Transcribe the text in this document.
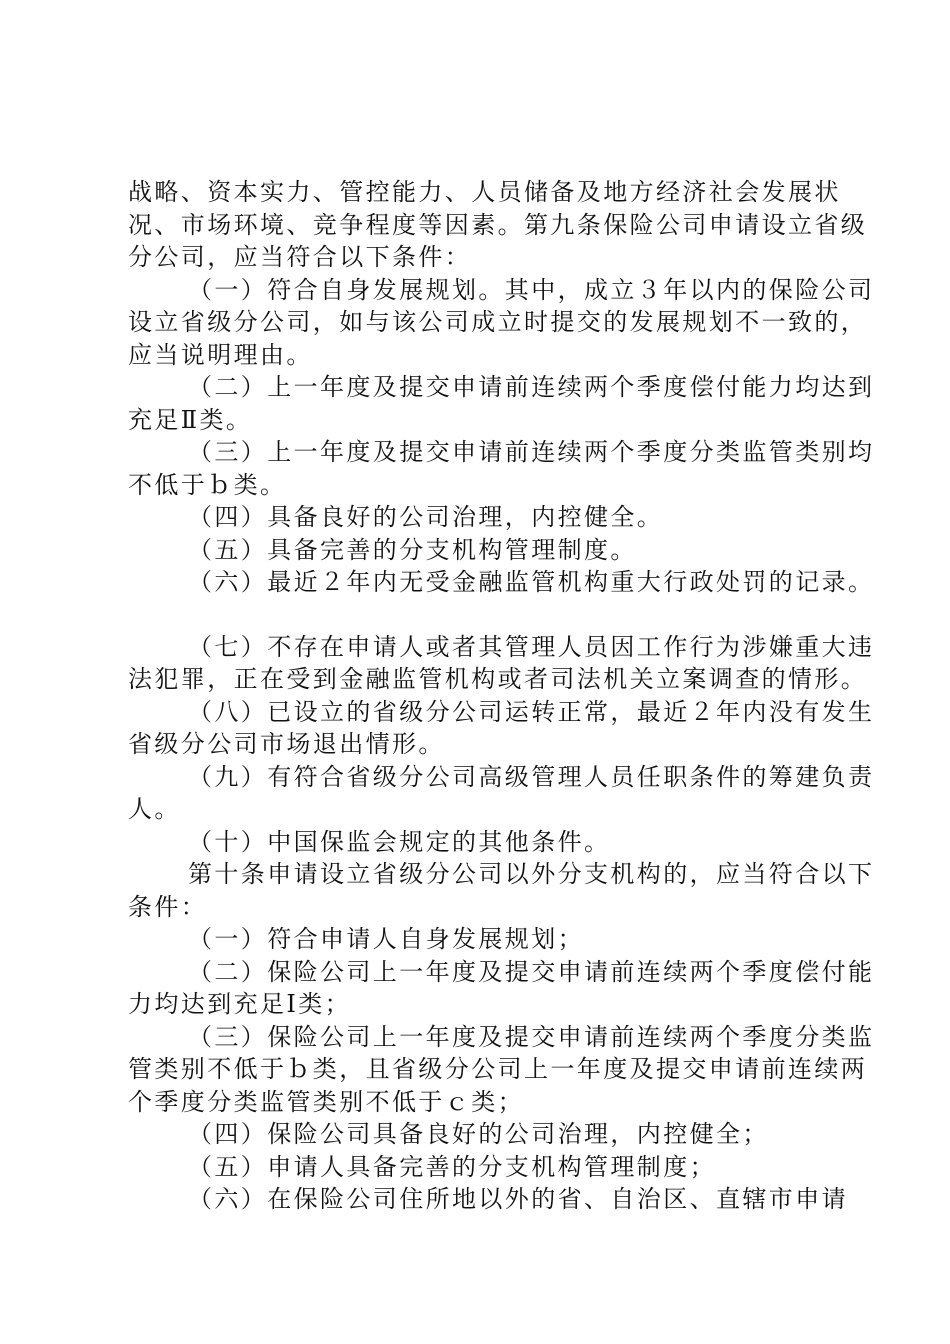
战略、资本实力、管控能力、人员储备及地方经济社会发展状况、市场环境、竞争程度等因素。第九条保险公司申请设立省级分公司，应当符合以下条件：

（一）符合自身发展规划。其中，成立３年以内的保险公司设立省级分公司，如与该公司成立时提交的发展规划不一致的，应当说明理由。

（二）上一年度及提交申请前连续两个季度偿付能力均达到充足Ⅱ类。

（三）上一年度及提交申请前连续两个季度分类监管类别均不低于ｂ类。

（四）具备良好的公司治理，内控健全。

（五）具备完善的分支机构管理制度。

（六）最近２年内无受金融监管机构重大行政处罚的记录。

（七）不存在申请人或者其管理人员因工作行为涉嫌重大违法犯罪，正在受到金融监管机构或者司法机关立案调查的情形。

（八）已设立的省级分公司运转正常，最近２年内没有发生省级分公司市场退出情形。

（九）有符合省级分公司高级管理人员任职条件的筹建负责人。

（十）中国保监会规定的其他条件。

第十条申请设立省级分公司以外分支机构的，应当符合以下条件：

（一）符合申请人自身发展规划；

（二）保险公司上一年度及提交申请前连续两个季度偿付能力均达到充足Ⅰ类；

（三）保险公司上一年度及提交申请前连续两个季度分类监管类别不低于ｂ类，且省级分公司上一年度及提交申请前连续两个季度分类监管类别不低于ｃ类；

（四）保险公司具备良好的公司治理，内控健全；

（五）申请人具备完善的分支机构管理制度；

（六）在保险公司住所地以外的省、自治区、直辖市申请
